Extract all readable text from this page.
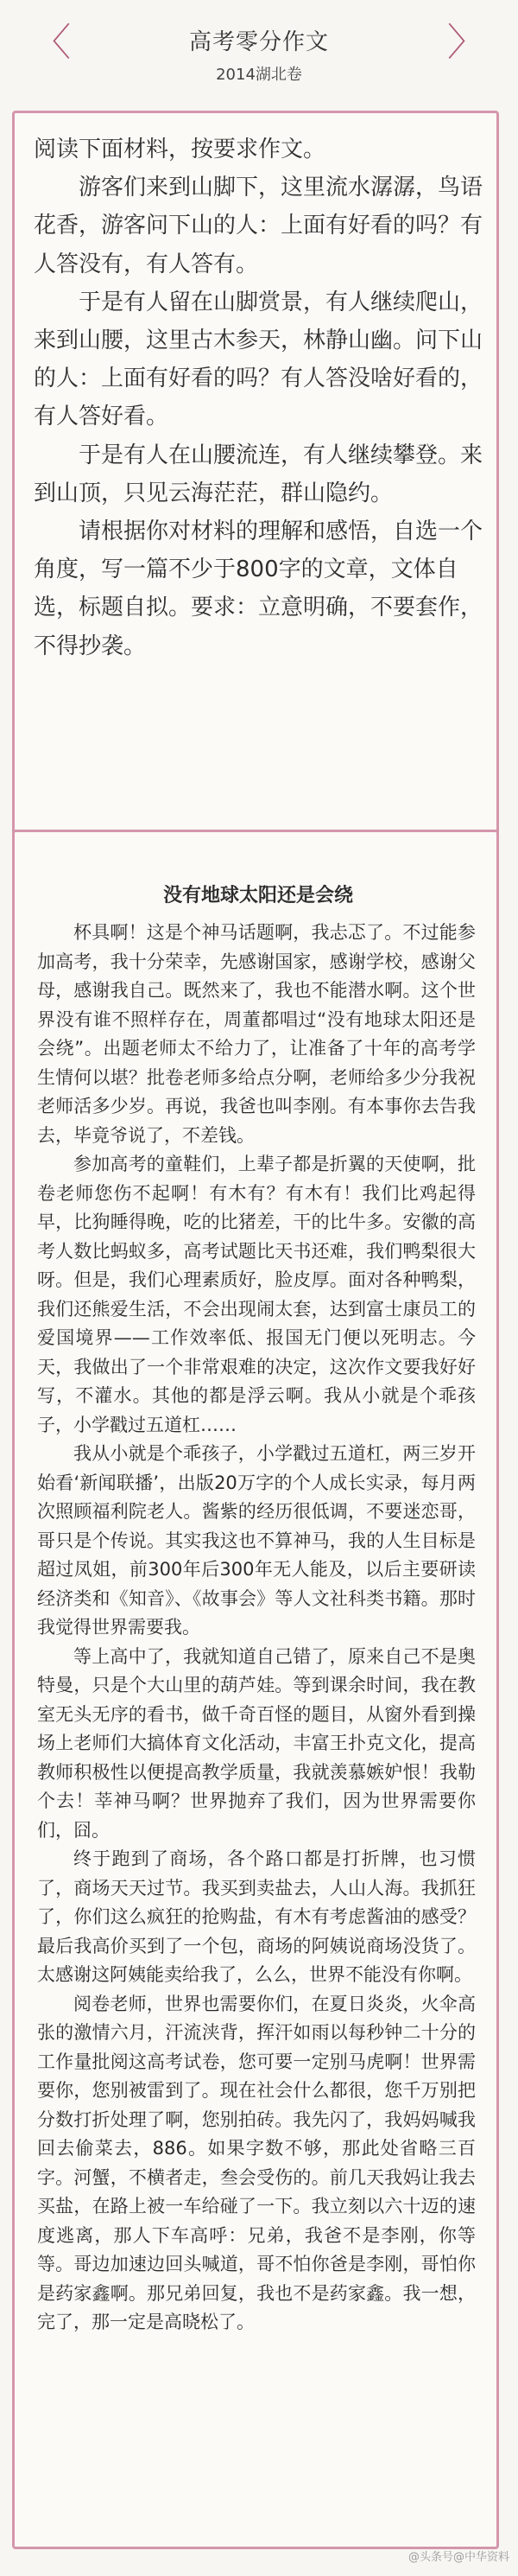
〈	高考零分作文
2014湖北卷
〉

阅读下面材料，按要求作文。

游客们来到山脚下，这里流水潺潺，鸟语花香，游客问下山的人：上面有好看的吗？有人答没有，有人答有。

于是有人留在山脚赏景，有人继续爬山，来到山腰，这里古木参天，林静山幽。问下山的人：上面有好看的吗？有人答没啥好看的，有人答好看。

于是有人在山腰流连，有人继续攀登。来到山顶，只见云海茫茫，群山隐约。

请根据你对材料的理解和感悟，自选一个角度，写一篇不少于800字的文章，文体自选，标题自拟。要求：立意明确，不要套作，不得抄袭。

没有地球太阳还是会绕

杯具啊！这是个神马话题啊，我忐忑了。不过能参加高考，我十分荣幸，先感谢国家，感谢学校，感谢父母，感谢我自己。既然来了，我也不能潜水啊。这个世界没有谁不照样存在，周董都唱过“没有地球太阳还是会绕”。出题老师太不给力了，让准备了十年的高考学生情何以堪？批卷老师多给点分啊，老师给多少分我祝老师活多少岁。再说，我爸也叫李刚。有本事你去告我去，毕竟爷说了，不差钱。

参加高考的童鞋们，上辈子都是折翼的天使啊，批卷老师您伤不起啊！有木有？有木有！我们比鸡起得早，比狗睡得晚，吃的比猪差，干的比牛多。安徽的高考人数比蚂蚁多，高考试题比天书还难，我们鸭梨很大呀。但是，我们心理素质好，脸皮厚。面对各种鸭梨，我们还熊爱生活，不会出现闹太套，达到富士康员工的爱国境界——工作效率低、报国无门便以死明志。今天，我做出了一个非常艰难的决定，这次作文要我好好写，不灌水。其他的都是浮云啊。我从小就是个乖孩子，小学戳过五道杠……

我从小就是个乖孩子，小学戳过五道杠，两三岁开始看‘新闻联播’，出版20万字的个人成长实录，每月两次照顾福利院老人。酱紫的经历很低调，不要迷恋哥，哥只是个传说。其实我这也不算神马，我的人生目标是超过凤姐，前300年后300年无人能及，以后主要研读经济类和《知音》、《故事会》等人文社科类书籍。那时我觉得世界需要我。

等上高中了，我就知道自己错了，原来自己不是奥特曼，只是个大山里的葫芦娃。等到课余时间，我在教室无头无序的看书，做千奇百怪的题目，从窗外看到操场上老师们大搞体育文化活动，丰富王扑克文化，提高教师积极性以便提高教学质量，我就羡慕嫉妒恨！我勒个去！莘神马啊？世界抛弃了我们，因为世界需要你们，囧。

终于跑到了商场，各个路口都是打折牌，也习惯了，商场天天过节。我买到卖盐去，人山人海。我抓狂了，你们这么疯狂的抢购盐，有木有考虑酱油的感受？最后我高价买到了一个包，商场的阿姨说商场没货了。太感谢这阿姨能卖给我了，么么，世界不能没有你啊。

阅卷老师，世界也需要你们，在夏日炎炎，火伞高张的激情六月，汗流浃背，挥汗如雨以每秒钟二十分的工作量批阅这高考试卷，您可要一定别马虎啊！世界需要你，您别被雷到了。现在社会什么都很，您千万别把分数打折处理了啊，您别拍砖。我先闪了，我妈妈喊我回去偷菜去，886。如果字数不够，那此处省略三百字。河蟹，不横者走，叁会受伤的。前几天我妈让我去买盐，在路上被一车给碰了一下。我立刻以六十迈的速度逃离，那人下车高呼：兄弟，我爸不是李刚，你等等。哥边加速边回头喊道，哥不怕你爸是李刚，哥怕你是药家鑫啊。那兄弟回复，我也不是药家鑫。我一想，完了，那一定是高晓松了。

@头条号@中华资料
